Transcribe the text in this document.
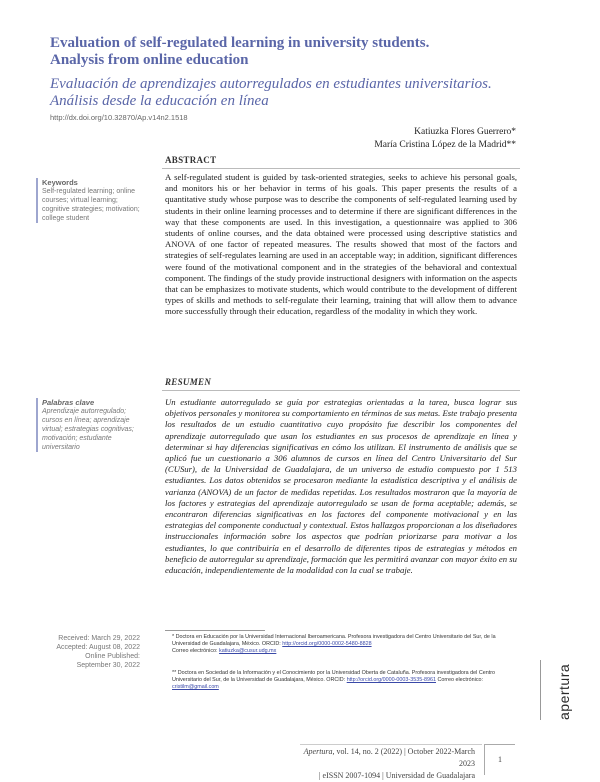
Evaluation of self-regulated learning in university students. Analysis from online education
Evaluación de aprendizajes autorregulados en estudiantes universitarios. Análisis desde la educación en línea
http://dx.doi.org/10.32870/Ap.v14n2.1518
Katiuzka Flores Guerrero*
María Cristina López de la Madrid**
ABSTRACT
Keywords
Self-regulated learning; online courses; virtual learning; cognitive strategies; motivation; college student
A self-regulated student is guided by task-oriented strategies, seeks to achieve his personal goals, and monitors his or her behavior in terms of his goals. This paper presents the results of a quantitative study whose purpose was to describe the components of self-regulated learning used by students in their online learning processes and to determine if there are significant differences in the way that these components are used. In this investigation, a questionnaire was applied to 306 students of online courses, and the data obtained were processed using descriptive statistics and ANOVA of one factor of repeated measures. The results showed that most of the factors and strategies of self-regulates learning are used in an acceptable way; in addition, significant differences were found of the motivational component and in the strategies of the behavioral and contextual component. The findings of the study provide instructional designers with information on the aspects that can be emphasizes to motivate students, which would contribute to the development of different types of skills and methods to self-regulate their learning, training that will allow them to advance more successfully through their education, regardless of the modality in which they work.
RESUMEN
Palabras clave
Aprendizaje autorregulado; cursos en línea; aprendizaje virtual; estrategias cognitivas; motivación; estudiante universitario
Un estudiante autorregulado se guía por estrategias orientadas a la tarea, busca lograr sus objetivos personales y monitorea su comportamiento en términos de sus metas. Este trabajo presenta los resultados de un estudio cuantitativo cuyo propósito fue describir los componentes del aprendizaje autorregulado que usan los estudiantes en sus procesos de aprendizaje en línea y determinar si hay diferencias significativas en cómo los utilizan. El instrumento de análisis que se aplicó fue un cuestionario a 306 alumnos de cursos en línea del Centro Universitario del Sur (CUSur), de la Universidad de Guadalajara, de un universo de estudio compuesto por 1 513 estudiantes. Los datos obtenidos se procesaron mediante la estadística descriptiva y el análisis de varianza (ANOVA) de un factor de medidas repetidas. Los resultados mostraron que la mayoría de los factores y estrategias del aprendizaje autorregulado se usan de forma aceptable; además, se encontraron diferencias significativas en los factores del componente motivacional y en las estrategias del componente conductual y contextual. Estos hallazgos proporcionan a los diseñadores instruccionales información sobre los aspectos que podrían priorizarse para motivar a los estudiantes, lo que contribuiría en el desarrollo de diferentes tipos de estrategias y métodos en beneficio de autorregular su aprendizaje, formación que les permitirá avanzar con mayor éxito en su educación, independientemente de la modalidad con la cual se trabaje.
Received: March 29, 2022
Accepted: August 08, 2022
Online Published:
September 30, 2022
* Doctora en Educación por la Universidad Internacional Iberoamericana. Profesora investigadora del Centro Universitario del Sur, de la Universidad de Guadalajara, México. ORCID: http://orcid.org/0000-0002-5480-8828
Correo electrónico: katiuzka@cusur.udg.mx
** Doctora en Sociedad de la Información y el Conocimiento por la Universidad Oberta de Cataluña. Profesora investigadora del Centro Universitario del Sur, de la Universidad de Guadalajara, México. ORCID: http://orcid.org/0000-0003-3535-8961 Correo electrónico: cristilm@gmail.com
Apertura, vol. 14, no. 2 (2022) | October 2022-March 2023
| eISSN 2007-1094 | Universidad de Guadalajara
1
apertura
